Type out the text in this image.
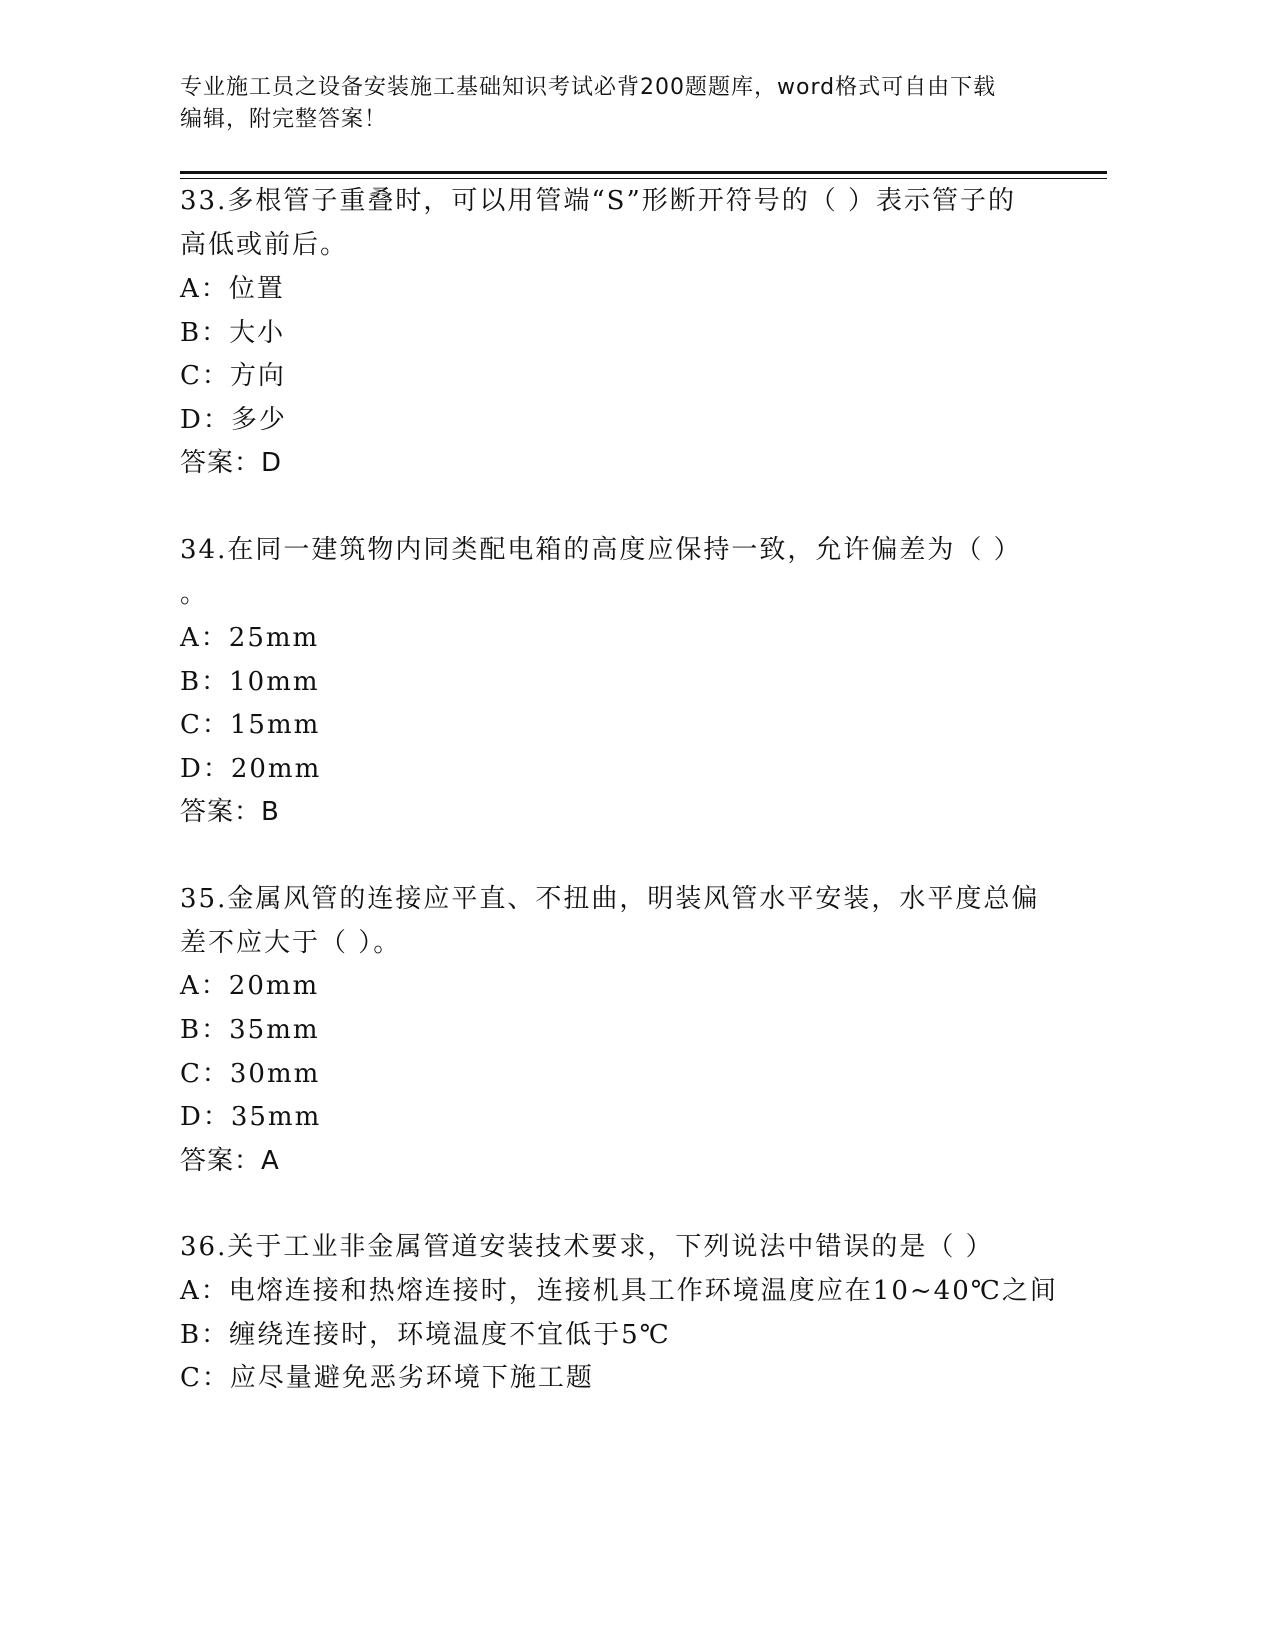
专业施工员之设备安装施工基础知识考试必背200题题库，word格式可自由下载
编辑，附完整答案！
33.多根管子重叠时，可以用管端“S”形断开符号的（ ）表示管子的
高低或前后。
A：位置
B：大小
C：方向
D：多少
答案：D
34.在同一建筑物内同类配电箱的高度应保持一致，允许偏差为（ ）
。
A：25mm
B：10mm
C：15mm
D：20mm
答案：B
35.金属风管的连接应平直、不扭曲，明装风管水平安装，水平度总偏
差不应大于（ ）。
A：20mm
B：35mm
C：30mm
D：35mm
答案：A
36.关于工业非金属管道安装技术要求，下列说法中错误的是（ ）
A：电熔连接和热熔连接时，连接机具工作环境温度应在10~40℃之间
B：缠绕连接时，环境温度不宜低于5℃
C：应尽量避免恶劣环境下施工题
